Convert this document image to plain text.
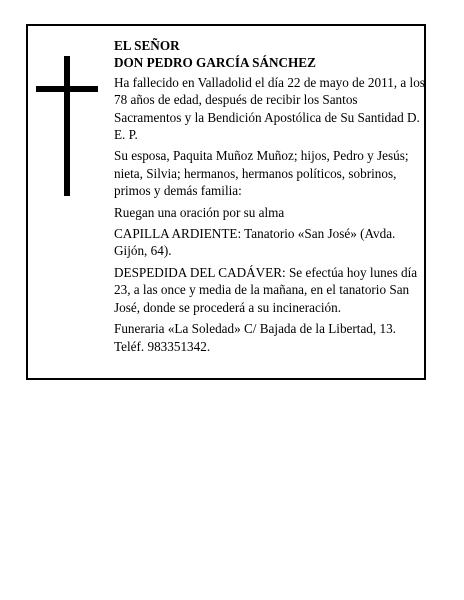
EL SEÑOR

DON PEDRO GARCÍA SÁNCHEZ

Ha fallecido en Valladolid el día 22 de mayo de 2011, a los 78 años de edad, después de recibir los Santos Sacramentos y la Bendición Apostólica de Su Santidad D. E. P.

Su esposa, Paquita Muñoz Muñoz; hijos, Pedro y Jesús; nieta, Silvia; hermanos, hermanos políticos, sobrinos, primos y demás familia:

Ruegan una oración por su alma

CAPILLA ARDIENTE: Tanatorio «San José» (Avda. Gijón, 64).

DESPEDIDA DEL CADÁVER: Se efectúa hoy lunes día 23, a las once y media de la mañana, en el tanatorio San José, donde se procederá a su incineración.

Funeraria «La Soledad» C/ Bajada de la Libertad, 13. Teléf. 983351342.
